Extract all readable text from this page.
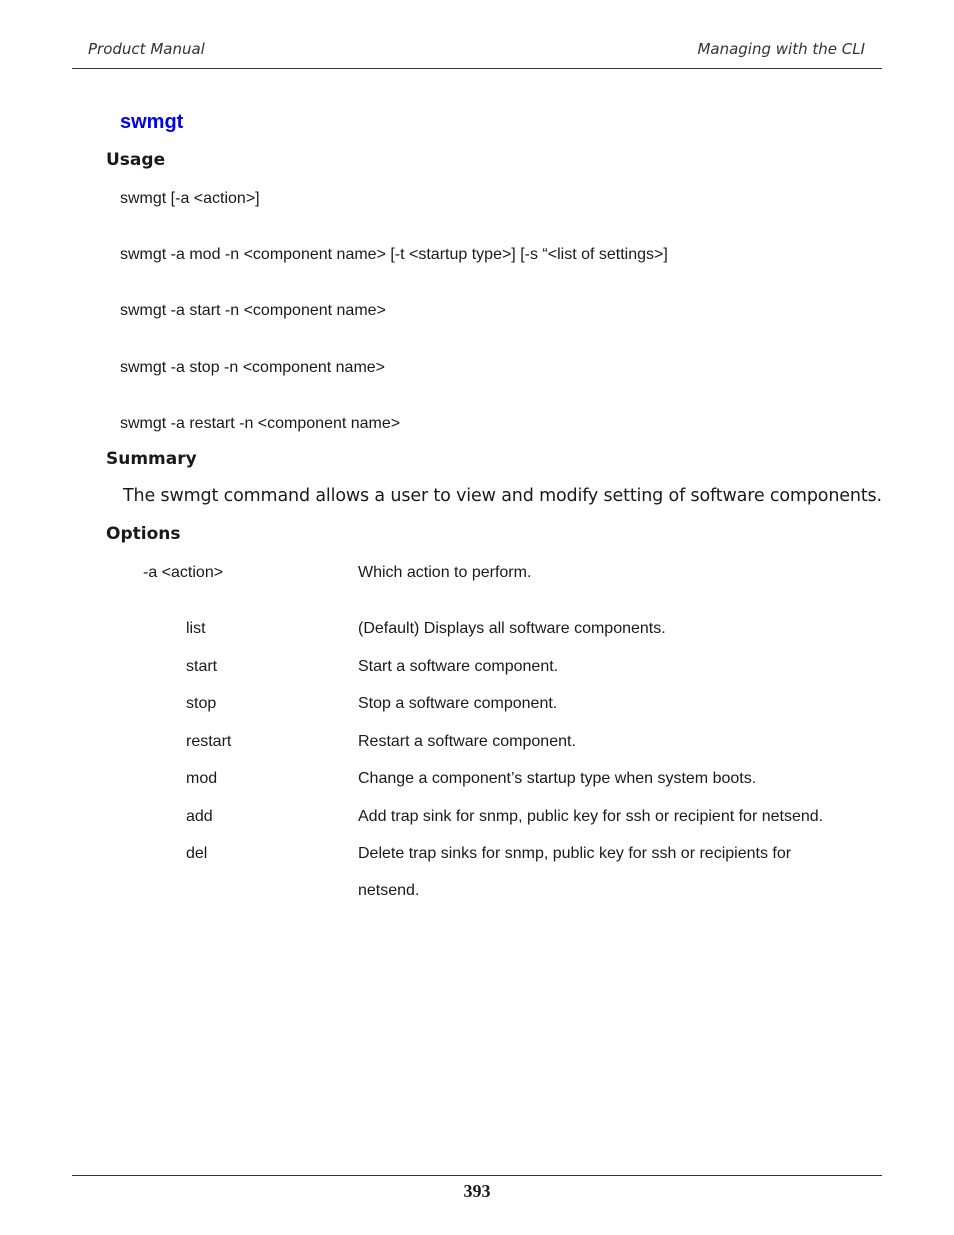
Product Manual	Managing with the CLI
swmgt
Usage
swmgt [-a <action>]
swmgt -a mod -n <component name> [-t <startup type>] [-s “<list of settings>]
swmgt -a start -n <component name>
swmgt -a stop -n <component name>
swmgt -a restart -n <component name>
Summary
The swmgt command allows a user to view and modify setting of software components.
Options
-a <action>	Which action to perform.
list	(Default) Displays all software components.
start	Start a software component.
stop	Stop a software component.
restart	Restart a software component.
mod	Change a component’s startup type when system boots.
add	Add trap sink for snmp, public key for ssh or recipient for netsend.
del	Delete trap sinks for snmp, public key for ssh or recipients for
netsend.
393
